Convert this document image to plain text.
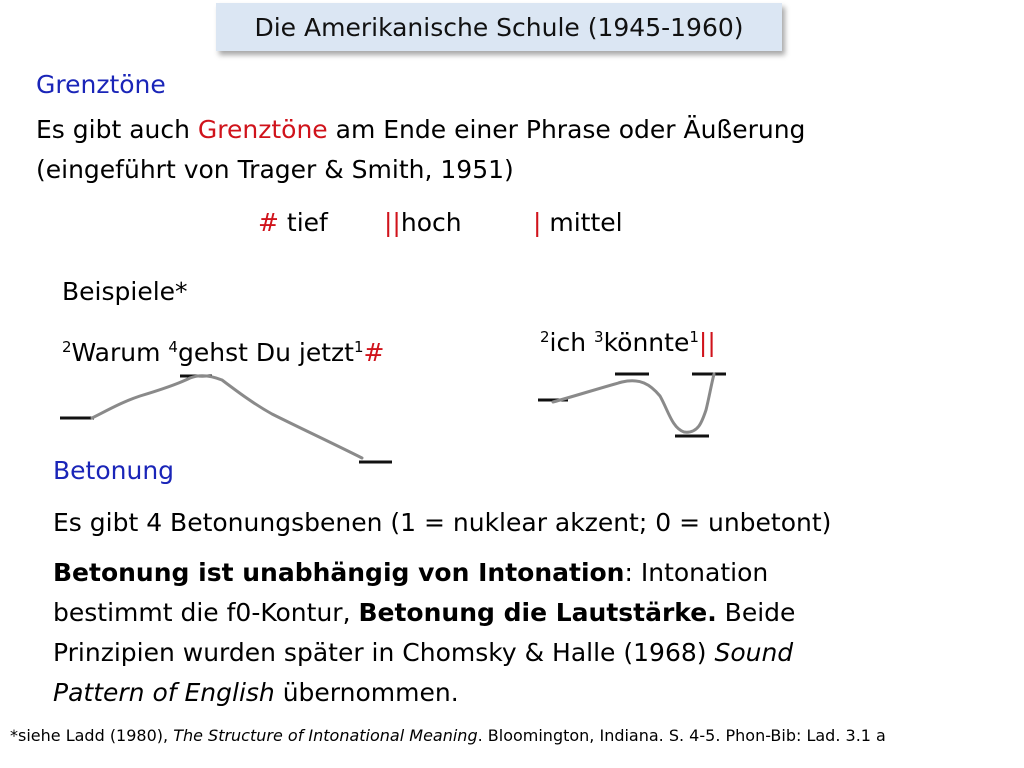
Die Amerikanische Schule (1945-1960)
Grenztöne
Es gibt auch Grenztöne am Ende einer Phrase oder Äußerung
(eingeführt von Trager & Smith, 1951)
# tief ||hoch	| mittel
Beispiele*
$^2$Warum $^4$gehst Du jetzt$^1$#
$^2$ich $^3$könnte$^1$||
Betonung
Es gibt 4 Betonungsbenen (1 = nuklear akzent; 0 = unbetont)
Betonung ist unabhängig von Intonation: Intonation
bestimmt die f0-Kontur, Betonung die Lautstärke. Beide
Prinzipien wurden später in Chomsky & Halle (1968) Sound
Pattern of English übernommen.
*siehe Ladd (1980), The Structure of Intonational Meaning. Bloomington, Indiana. S. 4-5. Phon-Bib: Lad. 3.1 a
